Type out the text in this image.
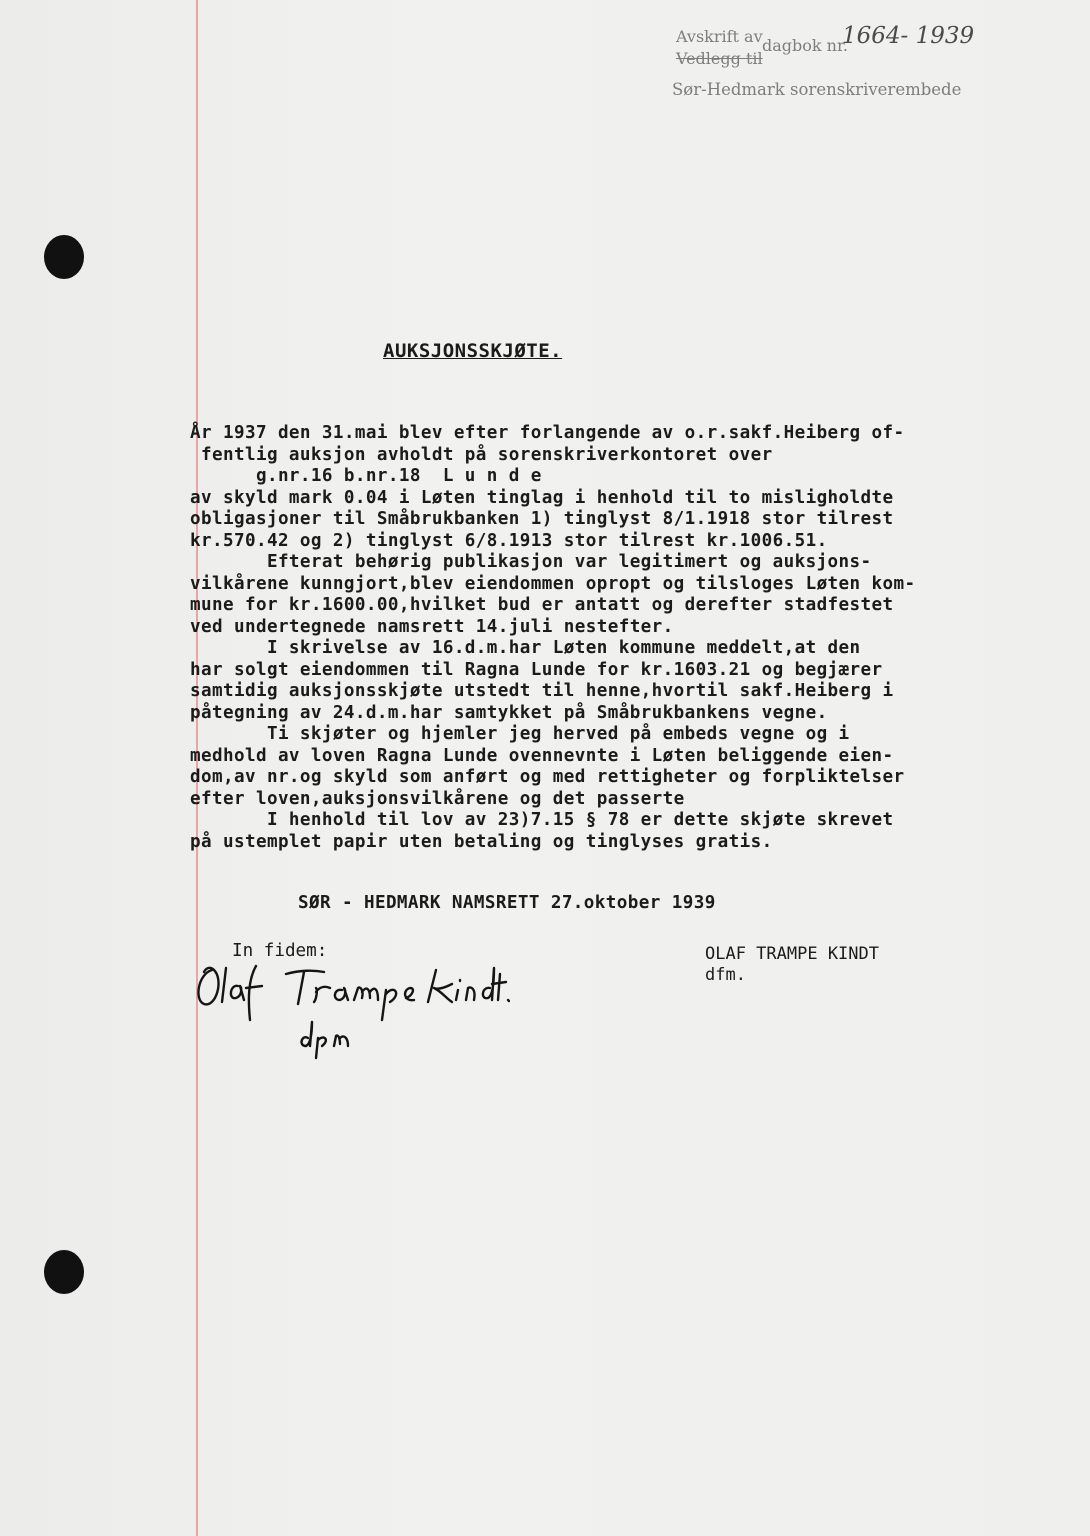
Avskrift av dagbok nr.
1664- 1939
Vedlegg til
Sør-Hedmark sorenskriverembede
AUKSJONSSKJØTE.
År 1937 den 31.mai blev efter forlangende av o.r.sakf.Heiberg of-
fentlig auksjon avholdt på sorenskriverkontoret over
g.nr.16 b.nr.18  L u n d e
av skyld mark 0.04 i Løten tinglag i henhold til to misligholdte
obligasjoner til Småbrukbanken 1) tinglyst 8/1.1918 stor tilrest
kr.570.42 og 2) tinglyst 6/8.1913 stor tilrest kr.1006.51.
Efterat behørig publikasjon var legitimert og auksjons-
vilkårene kunngjort,blev eiendommen opropt og tilsloges Løten kom-
mune for kr.1600.00,hvilket bud er antatt og derefter stadfestet
ved undertegnede namsrett 14.juli nestefter.
I skrivelse av 16.d.m.har Løten kommune meddelt,at den
har solgt eiendommen til Ragna Lunde for kr.1603.21 og begjærer
samtidig auksjonsskjøte utstedt til henne,hvortil sakf.Heiberg i
påtegning av 24.d.m.har samtykket på Småbrukbankens vegne.
Ti skjøter og hjemler jeg herved på embeds vegne og i
medhold av loven Ragna Lunde ovennevnte i Løten beliggende eien-
dom,av nr.og skyld som anført og med rettigheter og forpliktelser
efter loven,auksjonsvilkårene og det passerte
I henhold til lov av 23)7.15 § 78 er dette skjøte skrevet
på ustemplet papir uten betaling og tinglyses gratis.
SØR - HEDMARK NAMSRETT 27.oktober 1939
In fidem:	OLAF TRAMPE KINDT
dfm.
